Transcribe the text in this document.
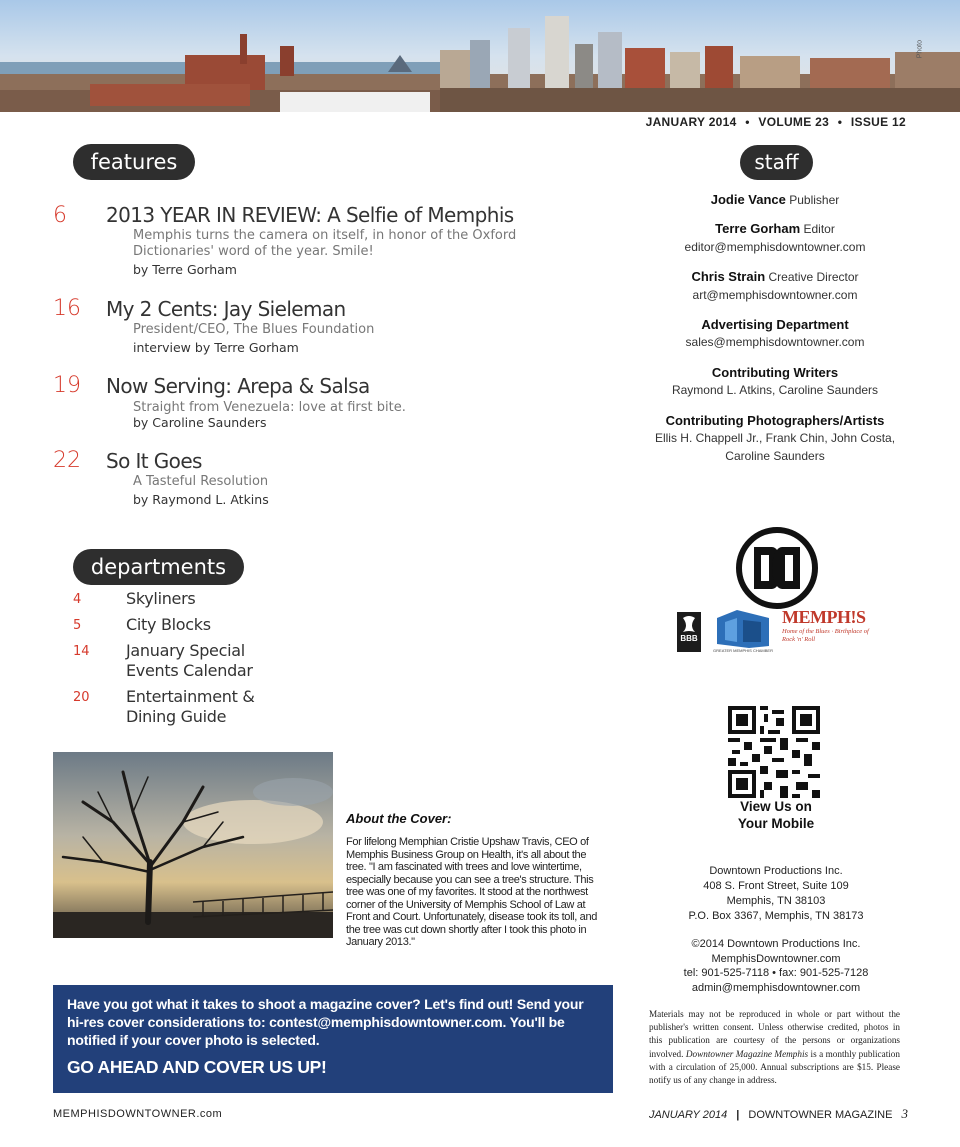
Photo
JANUARY 2014 • VOLUME 23 • ISSUE 12
features
6 2013 YEAR IN REVIEW: A Selfie of Memphis
Memphis turns the camera on itself, in honor of the Oxford
Dictionaries' word of the year. Smile!
by Terre Gorham
16 My 2 Cents: Jay Sieleman
President/CEO, The Blues Foundation
interview by Terre Gorham
19 Now Serving: Arepa & Salsa
Straight from Venezuela: love at first bite.
by Caroline Saunders
22 So It Goes
A Tasteful Resolution
by Raymond L. Atkins
departments
4	Skyliners
5	City Blocks
14 January Special
Events Calendar
20 Entertainment &
Dining Guide
staff
Jodie Vance Publisher
Terre Gorham Editor
editor@memphisdowntowner.com
Chris Strain Creative Director
art@memphisdowntowner.com
Advertising Department
sales@memphisdowntowner.com
Contributing Writers
Raymond L. Atkins, Caroline Saunders
Contributing Photographers/Artists
Ellis H. Chappell Jr., Frank Chin, John Costa,
Caroline Saunders
BBB
GREATER MEMPHIS CHAMBER
MEMPH!S
Home of the Blues · Birthplace of Rock 'n' Roll
View Us on
Your Mobile
About the Cover:
For lifelong Memphian Cristie Upshaw Travis, CEO of Memphis Business Group on Health, it's all about the tree. "I am fascinated with trees and love wintertime, especially because you can see a tree's structure. This tree was one of my favorites. It stood at the northwest corner of the University of Memphis School of Law at Front and Court. Unfortunately, disease took its toll, and the tree was cut down shortly after I took this photo in January 2013."
Have you got what it takes to shoot a magazine cover? Let's find out! Send your hi-res cover considerations to: contest@memphisdowntowner.com. You'll be notified if your cover photo is selected.
GO AHEAD AND COVER US UP!
Downtown Productions Inc.
408 S. Front Street, Suite 109
Memphis, TN 38103
P.O. Box 3367, Memphis, TN 38173
©2014 Downtown Productions Inc.
MemphisDowntowner.com
tel: 901-525-7118 • fax: 901-525-7128
admin@memphisdowntowner.com
Materials may not be reproduced in whole or part without the publisher's written consent. Unless otherwise credited, photos in this publication are courtesy of the persons or organizations involved. Downtowner Magazine Memphis is a monthly publication with a circulation of 25,000. Annual subscriptions are $15. Please notify us of any change in address.
MEMPHISDOWNTOWNER.com	JANUARY 2014 | DOWNTOWNER MAGAZINE 3
